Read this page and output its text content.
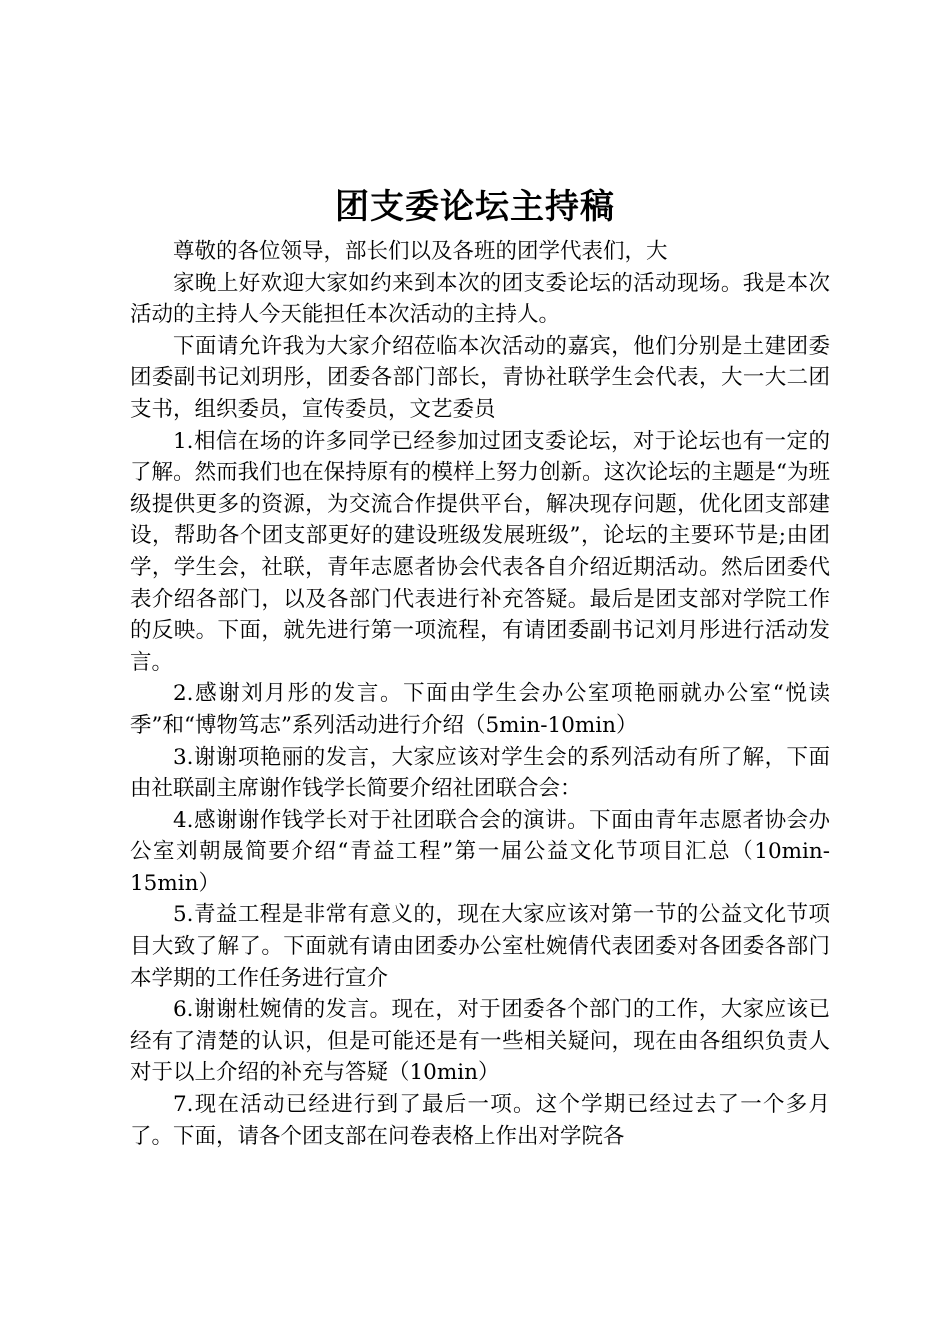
团支委论坛主持稿

尊敬的各位领导，部长们以及各班的团学代表们，大

家晚上好欢迎大家如约来到本次的团支委论坛的活动现场。我是本次活动的主持人今天能担任本次活动的主持人。

下面请允许我为大家介绍莅临本次活动的嘉宾，他们分别是土建团委团委副书记刘玥彤，团委各部门部长，青协社联学生会代表，大一大二团支书，组织委员，宣传委员，文艺委员

1.相信在场的许多同学已经参加过团支委论坛，对于论坛也有一定的了解。然而我们也在保持原有的模样上努力创新。这次论坛的主题是“为班级提供更多的资源，为交流合作提供平台，解决现存问题，优化团支部建设，帮助各个团支部更好的建设班级发展班级”，论坛的主要环节是;由团学，学生会，社联，青年志愿者协会代表各自介绍近期活动。然后团委代表介绍各部门，以及各部门代表进行补充答疑。最后是团支部对学院工作的反映。下面，就先进行第一项流程，有请团委副书记刘月彤进行活动发言。

2.感谢刘月彤的发言。下面由学生会办公室项艳丽就办公室“悦读季”和“博物笃志”系列活动进行介绍（5min-10min）

3.谢谢项艳丽的发言，大家应该对学生会的系列活动有所了解，下面由社联副主席谢作钱学长简要介绍社团联合会：

4.感谢谢作钱学长对于社团联合会的演讲。下面由青年志愿者协会办公室刘朝晟简要介绍“青益工程”第一届公益文化节项目汇总（10min-15min）

5.青益工程是非常有意义的，现在大家应该对第一节的公益文化节项目大致了解了。下面就有请由团委办公室杜婉倩代表团委对各团委各部门本学期的工作任务进行宣介

6.谢谢杜婉倩的发言。现在，对于团委各个部门的工作，大家应该已经有了清楚的认识，但是可能还是有一些相关疑问，现在由各组织负责人对于以上介绍的补充与答疑（10min）

7.现在活动已经进行到了最后一项。这个学期已经过去了一个多月了。下面，请各个团支部在问卷表格上作出对学院各
